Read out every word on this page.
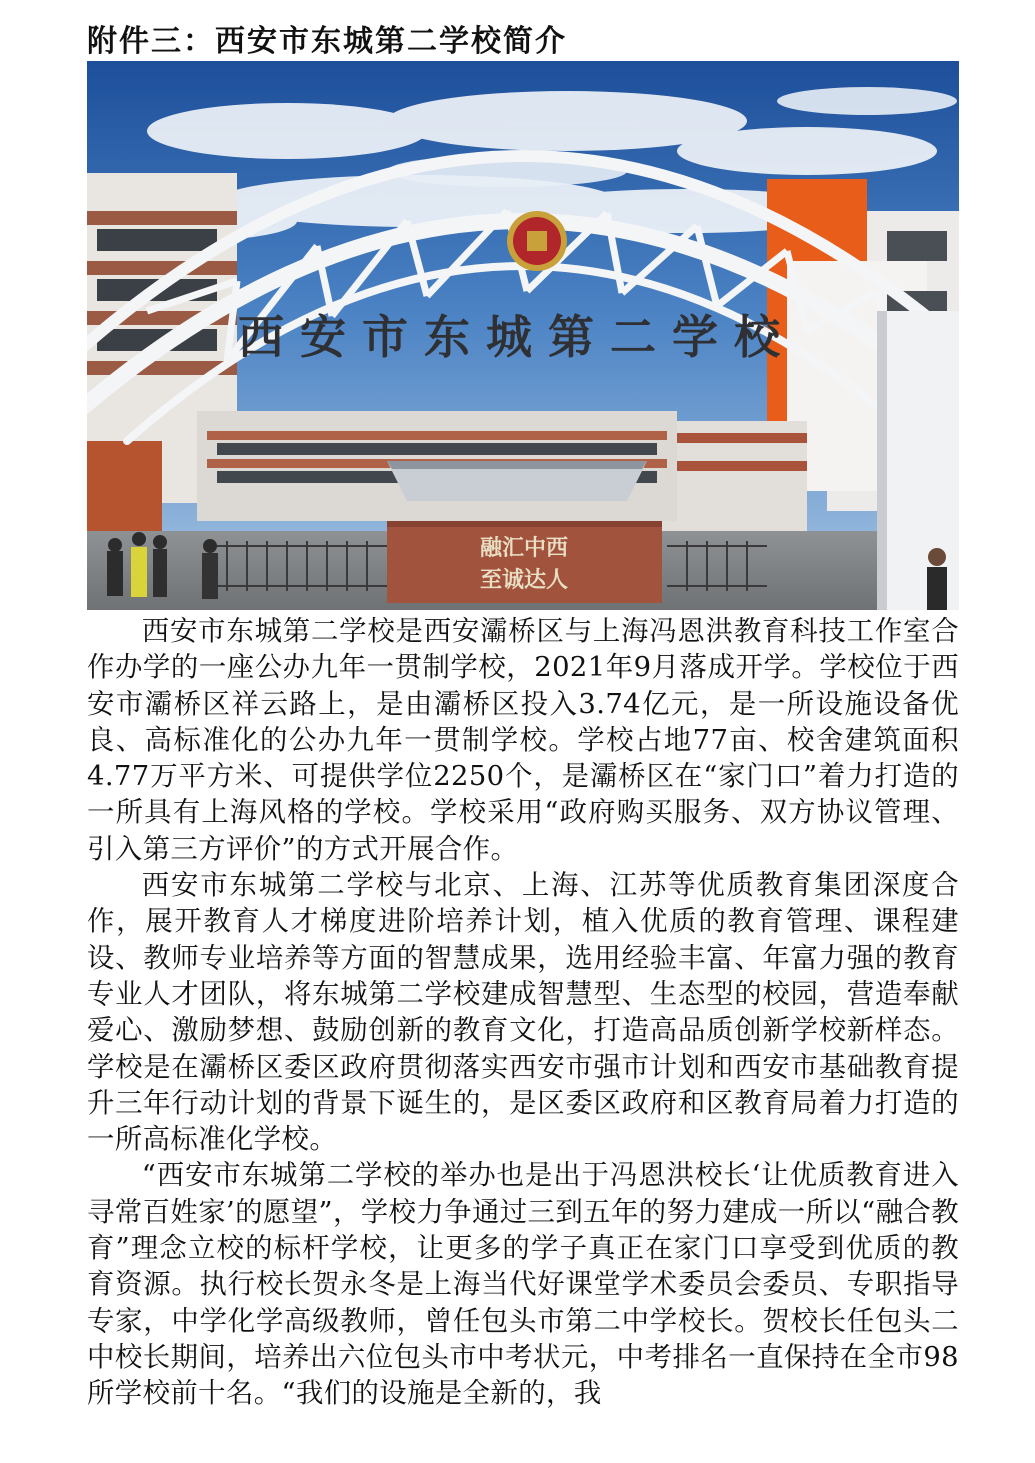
附件三：西安市东城第二学校简介
融汇中西
至诚达人
西安市东城第二学校

西安市东城第二学校是西安灞桥区与上海冯恩洪教育科技工作室合作办学的一座公办九年一贯制学校，2021年9月落成开学。学校位于西安市灞桥区祥云路上，是由灞桥区投入3.74亿元，是一所设施设备优良、高标准化的公办九年一贯制学校。学校占地77亩、校舍建筑面积4.77万平方米、可提供学位2250个，是灞桥区在“家门口”着力打造的一所具有上海风格的学校。学校采用“政府购买服务、双方协议管理、引入第三方评价”的方式开展合作。

西安市东城第二学校与北京、上海、江苏等优质教育集团深度合作，展开教育人才梯度进阶培养计划，植入优质的教育管理、课程建设、教师专业培养等方面的智慧成果，选用经验丰富、年富力强的教育专业人才团队，将东城第二学校建成智慧型、生态型的校园，营造奉献爱心、激励梦想、鼓励创新的教育文化，打造高品质创新学校新样态。学校是在灞桥区委区政府贯彻落实西安市强市计划和西安市基础教育提升三年行动计划的背景下诞生的，是区委区政府和区教育局着力打造的一所高标准化学校。

“西安市东城第二学校的举办也是出于冯恩洪校长‘让优质教育进入寻常百姓家’的愿望”，学校力争通过三到五年的努力建成一所以“融合教育”理念立校的标杆学校，让更多的学子真正在家门口享受到优质的教育资源。执行校长贺永冬是上海当代好课堂学术委员会委员、专职指导专家，中学化学高级教师，曾任包头市第二中学校长。贺校长任包头二中校长期间，培养出六位包头市中考状元，中考排名一直保持在全市98所学校前十名。“我们的设施是全新的，我
